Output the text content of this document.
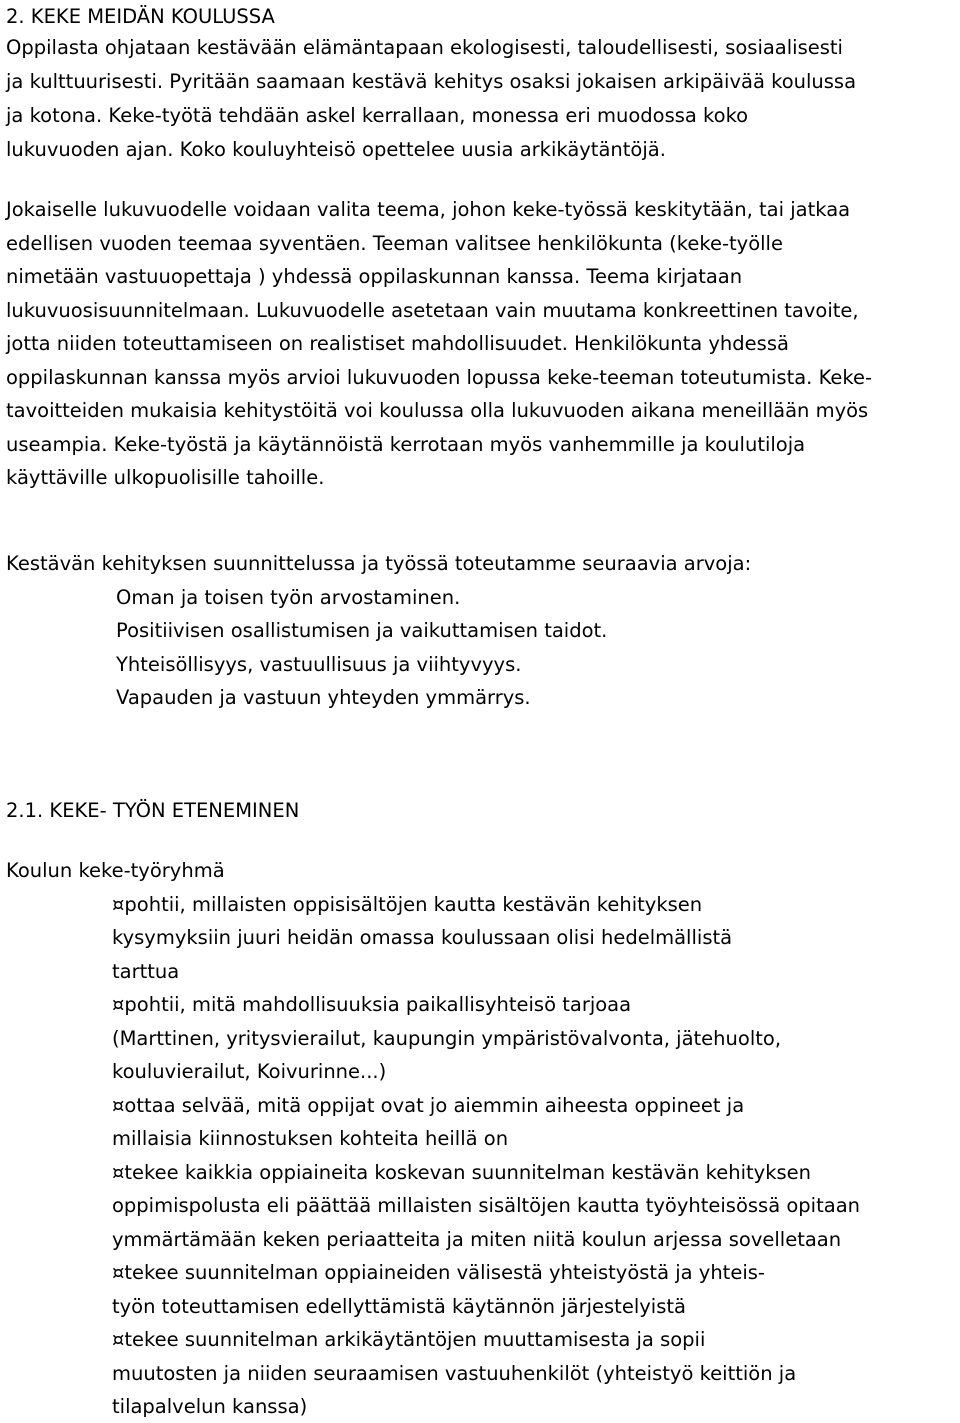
2. KEKE MEIDÄN KOULUSSA
Oppilasta ohjataan kestävään elämäntapaan ekologisesti, taloudellisesti, sosiaalisesti
ja kulttuurisesti. Pyritään saamaan kestävä kehitys osaksi jokaisen arkipäivää koulussa
ja kotona. Keke-työtä tehdään askel kerrallaan, monessa eri muodossa koko
lukuvuoden ajan. Koko kouluyhteisö opettelee uusia arkikäytäntöjä.
Jokaiselle lukuvuodelle voidaan valita teema, johon keke-työssä keskitytään, tai jatkaa
edellisen vuoden teemaa syventäen. Teeman valitsee henkilökunta (keke-työlle
nimetään vastuuopettaja ) yhdessä oppilaskunnan kanssa. Teema kirjataan
lukuvuosisuunnitelmaan. Lukuvuodelle asetetaan vain muutama konkreettinen tavoite,
jotta niiden toteuttamiseen on realistiset mahdollisuudet. Henkilökunta yhdessä
oppilaskunnan kanssa myös arvioi lukuvuoden lopussa keke-teeman toteutumista. Keke-
tavoitteiden mukaisia kehitystöitä voi koulussa olla lukuvuoden aikana meneillään myös
useampia. Keke-työstä ja käytännöistä kerrotaan myös vanhemmille ja koulutiloja
käyttäville ulkopuolisille tahoille.
Kestävän kehityksen suunnittelussa ja työssä toteutamme seuraavia arvoja:
Oman ja toisen työn arvostaminen.
Positiivisen osallistumisen ja vaikuttamisen taidot.
Yhteisöllisyys, vastuullisuus ja viihtyvyys.
Vapauden ja vastuun yhteyden ymmärrys.
2.1. KEKE- TYÖN ETENEMINEN
Koulun keke-työryhmä
¤pohtii, millaisten oppisisältöjen kautta kestävän kehityksen
kysymyksiin juuri heidän omassa koulussaan olisi hedelmällistä
tarttua
¤pohtii, mitä mahdollisuuksia paikallisyhteisö tarjoaa
(Marttinen, yritysvierailut, kaupungin ympäristövalvonta, jätehuolto,
kouluvierailut, Koivurinne...)
¤ottaa selvää, mitä oppijat ovat jo aiemmin aiheesta oppineet ja
millaisia kiinnostuksen kohteita heillä on
¤tekee kaikkia oppiaineita koskevan suunnitelman kestävän kehityksen
oppimispolusta eli päättää millaisten sisältöjen kautta työyhteisössä opitaan
ymmärtämään keken periaatteita ja miten niitä koulun arjessa sovelletaan
¤tekee suunnitelman oppiaineiden välisestä yhteistyöstä ja yhteis-
työn toteuttamisen edellyttämistä käytännön järjestelyistä
¤tekee suunnitelman arkikäytäntöjen muuttamisesta ja sopii
muutosten ja niiden seuraamisen vastuuhenkilöt (yhteistyö keittiön ja
tilapalvelun kanssa)
